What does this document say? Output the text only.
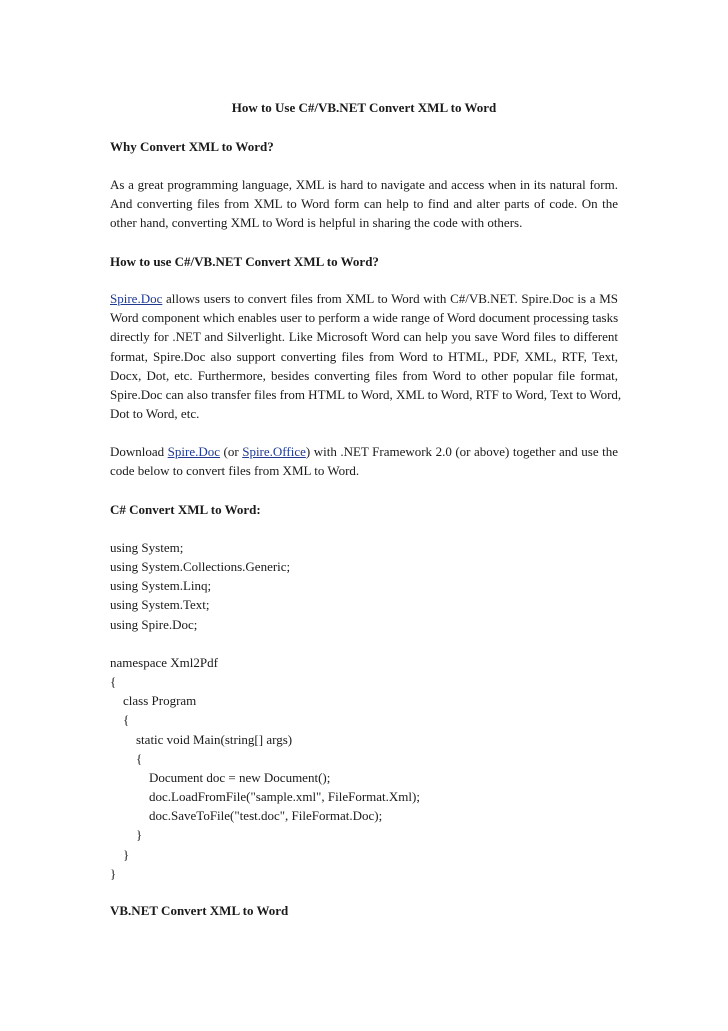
How to Use C#/VB.NET Convert XML to Word
Why Convert XML to Word?
As a great programming language, XML is hard to navigate and access when in its natural form.
And converting files from XML to Word form can help to find and alter parts of code. On the
other hand, converting XML to Word is helpful in sharing the code with others.
How to use C#/VB.NET Convert XML to Word?
Spire.Doc allows users to convert files from XML to Word with C#/VB.NET. Spire.Doc is a MS
Word component which enables user to perform a wide range of Word document processing tasks
directly for .NET and Silverlight. Like Microsoft Word can help you save Word files to different
format, Spire.Doc also support converting files from Word to HTML, PDF, XML, RTF, Text,
Docx, Dot, etc. Furthermore, besides converting files from Word to other popular file format,
Spire.Doc can also transfer files from HTML to Word, XML to Word, RTF to Word, Text to Word,
Dot to Word, etc.
Download Spire.Doc (or Spire.Office) with .NET Framework 2.0 (or above) together and use the
code below to convert files from XML to Word.
C# Convert XML to Word:
using System;
using System.Collections.Generic;
using System.Linq;
using System.Text;
using Spire.Doc;

namespace Xml2Pdf
{
class Program
{
static void Main(string[] args)
{
Document doc = new Document();
doc.LoadFromFile("sample.xml", FileFormat.Xml);
doc.SaveToFile("test.doc", FileFormat.Doc);
}
}
}
VB.NET Convert XML to Word
